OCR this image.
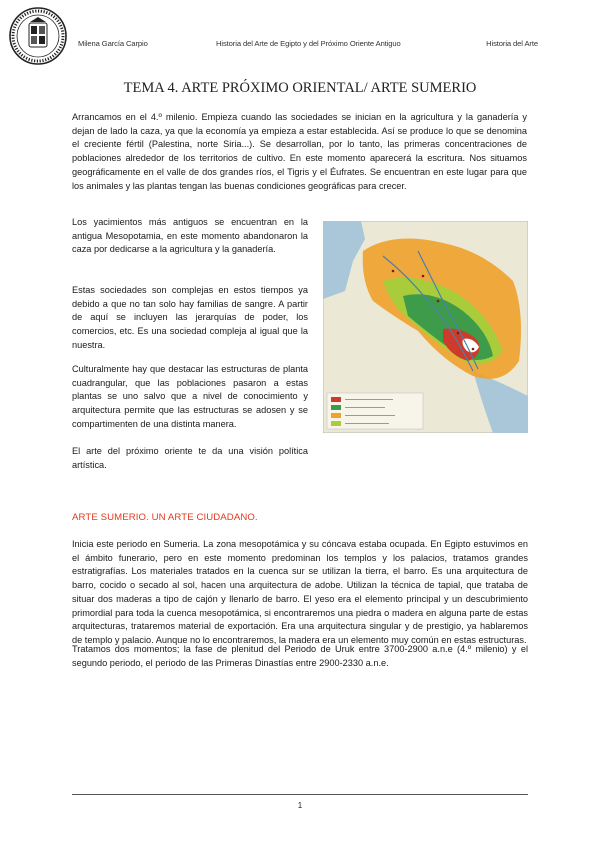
Milena García Carpio	Historia del Arte de Egipto y del Próximo Oriente Antiguo	Historia del Arte
TEMA 4. ARTE PRÓXIMO ORIENTAL/ ARTE SUMERIO

Arrancamos en el 4.º milenio. Empieza cuando las sociedades se inician en la agricultura y la ganadería y dejan de lado la caza, ya que la economía ya empieza a estar establecida. Así se produce lo que se denomina el creciente fértil (Palestina, norte Siria...). Se desarrollan, por lo tanto, las primeras concentraciones de poblaciones alrededor de los territorios de cultivo. En este momento aparecerá la escritura. Nos situamos geográficamente en el valle de dos grandes ríos, el Tigris y el Éufrates. Se encuentran en este lugar para que los animales y las plantas tengan las buenas condiciones geográficas para crecer.

Los yacimientos más antiguos se encuentran en la antigua Mesopotamia, en este momento abandonaron la caza por dedicarse a la agricultura y la ganadería.

Estas sociedades son complejas en estos tiempos ya debido a que no tan solo hay familias de sangre. A partir de aquí se incluyen las jerarquías de poder, los comercios, etc. Es una sociedad compleja al igual que la nuestra.

Culturalmente hay que destacar las estructuras de planta cuadrangular, que las poblaciones pasaron a estas plantas se uno salvo que a nivel de conocimiento y arquitectura permite que las estructuras se adosen y se compartimenten de una distinta manera.

El arte del próximo oriente te da una visión política artística.

ARTE SUMERIO. UN ARTE CIUDADANO.

Inicia este periodo en Sumeria. La zona mesopotámica y su cóncava estaba ocupada. En Egipto estuvimos en el ámbito funerario, pero en este momento predominan los templos y los palacios, tratamos grandes estratigrafías. Los materiales tratados en la cuenca sur se utilizan la tierra, el barro. Es una arquitectura de barro, cocido o secado al sol, hacen una arquitectura de adobe. Utilizan la técnica de tapial, que trataba de situar dos maderas a tipo de cajón y llenarlo de barro. El yeso era el elemento principal y un descubrimiento primordial para toda la cuenca mesopotámica, si encontraremos una piedra o madera en alguna parte de estas arquitecturas, trataremos material de exportación. Era una arquitectura singular y de prestigio, ya hablaremos de templo y palacio. Aunque no lo encontraremos, la madera era un elemento muy común en estas estructuras.

Tratamos dos momentos; la fase de plenitud del Periodo de Uruk entre 3700-2900 a.n.e (4.º milenio) y el segundo periodo, el periodo de las Primeras Dinastías entre 2900-2330 a.n.e.

1
